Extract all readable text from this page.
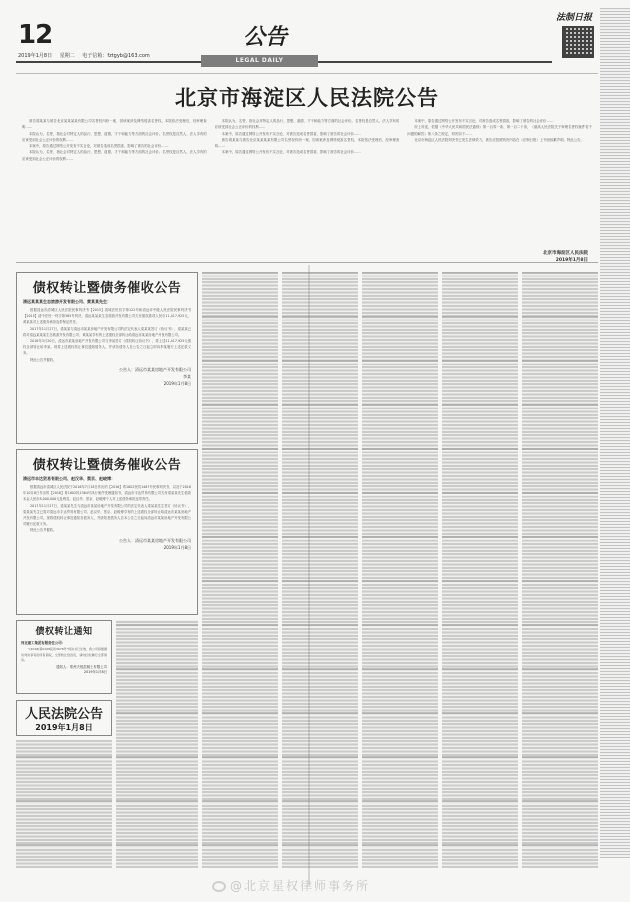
12
2019年1月8日 星期二 电子信箱：fztgyb@163.com
公告
LEGAL DAILY
法制日报
北京市海淀区人民法院公告

被告胡某某与被告北京某某某某有限公司名誉权纠纷一案，因该案涉及网络侵害名誉权，本院依法受理后，经审理查明……

本院认为，名誉，指社会对特定人的品行、思想、道德、才干和能力等方面的社会评价。名誉权是自然人、法人享有的应该受到社会公正评价的权利……

本案中，原告通过网络公开发布不实言论，对被告造成名誉损害，影响了被告的社会评价……

本院认为，名誉，指社会对特定人的品行、思想、道德、才干和能力等方面的社会评价。名誉权是自然人、法人享有的应该受到社会公正评价的权利……

本院认为，名誉，指社会对特定人的品行、思想、道德、才干和能力等方面的社会评价。名誉权是自然人、法人享有的应该受到社会公正评价的权利……

本案中，原告通过网络公开发布不实言论，对被告造成名誉损害，影响了被告的社会评价……

被告胡某某与被告北京某某某某有限公司名誉权纠纷一案，因该案涉及网络侵害名誉权，本院依法受理后，经审理查明……

本案中，原告通过网络公开发布不实言论，对被告造成名誉损害，影响了被告的社会评价……

本案中，原告通过网络公开发布不实言论，对被告造成名誉损害，影响了被告的社会评价……

综上所述，依据《中华人民共和国民法通则》第一百零一条、第一百二十条，《最高人民法院关于审理名誉权案件若干问题的解答》第八条之规定，判决如下……

北京市海淀区人民法院判决书已发生法律效力，被告应按照判决内容在《法制日报》上刊登致歉声明。特此公告。

北京市海淀区人民法院
2019年1月8日
债权转让暨债务催收公告
清远某某某生态旅游开发有限公司、黄某某先生：

根据清远市清城区人民法院民事判决书【2015】清城法民初字第122号和清远市中级人民法院民事判决书【2015】清中法民一终字第365号判决，清远某某某生态旅游开发有限公司欠付债权款项人民币11,417,925元，黄某某对上述债务承担连带保证责任。

2017年11月27日，梁某某与清远市某某房地产开发有限公司的法定代表人梁某某签订《协议书》，梁某某已将对清远某某某生态旅游开发有限公司、黄某某享有的上述债权全部转让给清远市某某房地产开发有限公司。

2018年3月20日，清远市某某房地产开发有限公司与李某签订《债权转让协议书》，将上述11,417,925元债权全部转让给李某。现将上述债权转让事宜通知债务人，并请各债务人自公告之日起立即向李某履行上述还款义务。

特此公告并催收。

公告人：清远市某某房地产开发有限公司
李某
2019年1月8日
债权转让暨债务催收公告
清远市丰达贸易有限公司、赵汉华、蔡京、赵峻博：

根据清远市清城区人民法院于2016年7月18日作出的【2016】粤1802民初1467号民事判决书，以及于2016年10月8日作出的【2016】粤1802执1364号执行案件受理通知书，清远市丰达贸易有限公司欠付梁某某先生借款本金人民币8,000,000元及利息，赵汉华、蔡京、赵峻博个人对上述债务承担连带责任。

2017年11月27日，梁某某先生与清远市某某房地产开发有限公司的法定代表人梁某某先生签订《协议书》，梁某某先生已将对清远市丰达贸易有限公司、赵汉华、蔡京、赵峻博享有的上述债权全部转让给清远市某某房地产开发有限公司。现将债权转让事宜通知各债务人，并请知悉债务人自本公告之日起向清远市某某房地产开发有限公司履行还款义务。

特此公告并催收。

公告人：清远市某某房地产开发有限公司
2019年1月8日
债权转让通知
河北建工集团有限责任公司：

"(2018)冀0108民初3078号"判决书已生效，我公司将根据该判决享有的所有债权，全部转让给四包，请向四包履行全部债务。

通知人：郑州天悦混凝土有限公司
2019年1月8日
人民法院公告
2019年1月8日
@北京星权律师事务所
